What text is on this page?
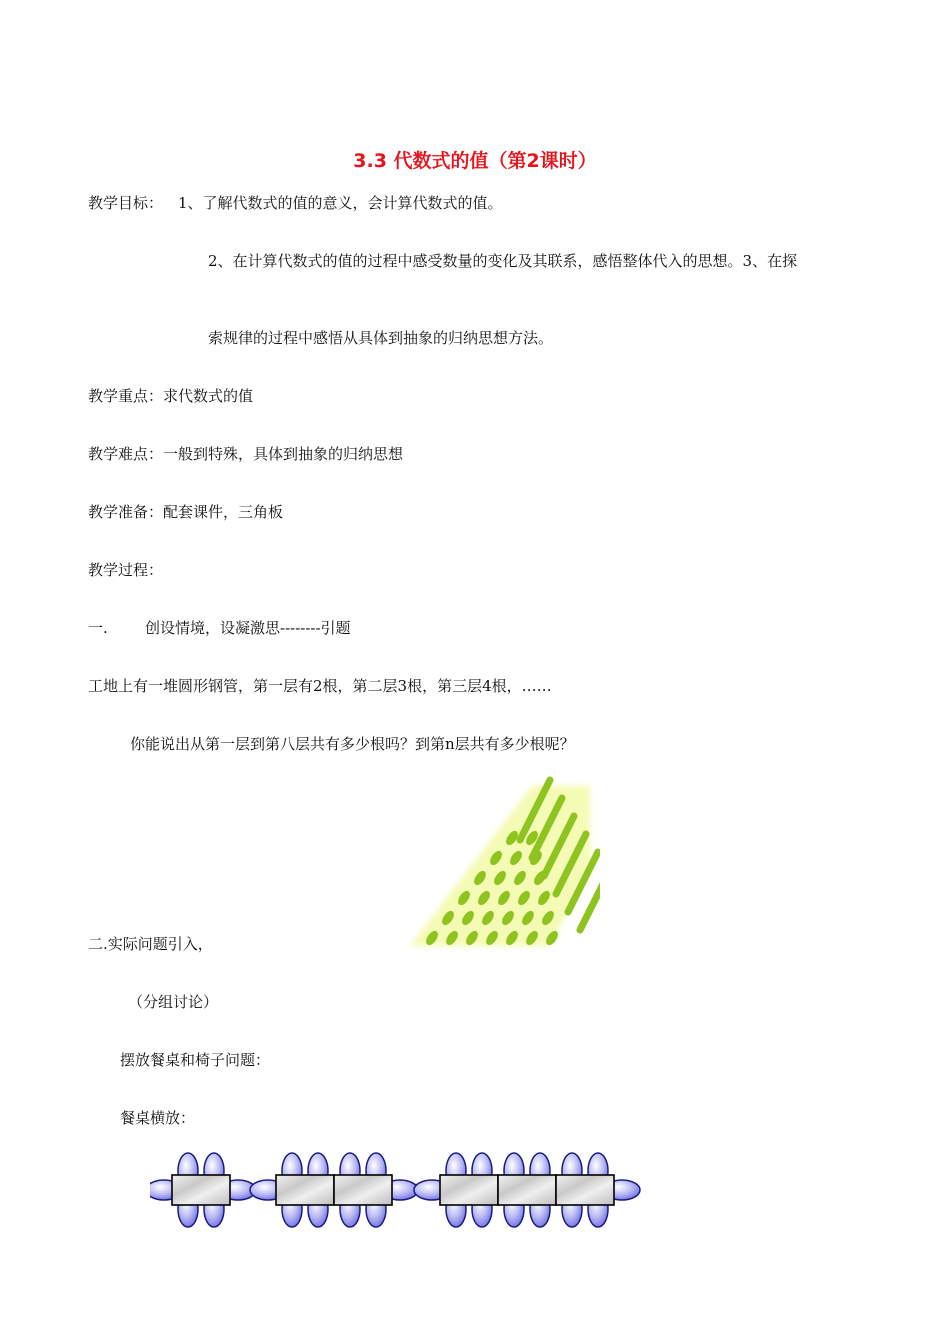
3.3 代数式的值（第2课时）
教学目标： 1、了解代数式的值的意义，会计算代数式的值。
2、在计算代数式的值的过程中感受数量的变化及其联系，感悟整体代入的思想。3、在探
索规律的过程中感悟从具体到抽象的归纳思想方法。
教学重点：求代数式的值
教学难点：一般到特殊，具体到抽象的归纳思想
教学准备：配套课件，三角板
教学过程：
一. 创设情境，设凝激思--------引题
工地上有一堆圆形钢管，第一层有2根，第二层3根，第三层4根，……
你能说出从第一层到第八层共有多少根吗？到第n层共有多少根呢？
二.实际问题引入，
（分组讨论）
摆放餐桌和椅子问题：
餐桌横放：
